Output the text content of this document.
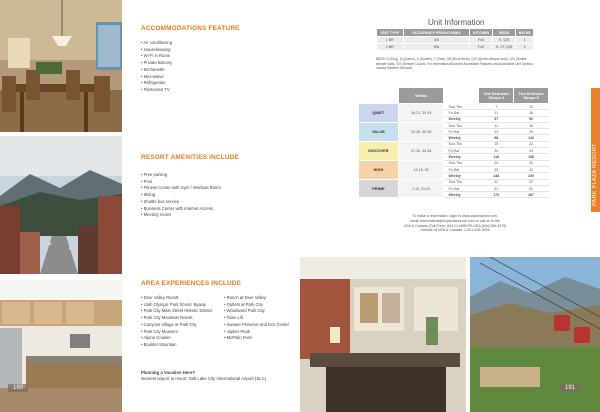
190
ACCOMMODATIONS FEATURE
• Air conditioning
• Housekeeping
• Wi-Fi in Room
• Private balcony
• Kitchenette
• Microwave
• Refrigerator
• Flatscreen TV
RESORT AMENITIES INCLUDE
• Free parking
• Pool
• Fitness Center with Gym / Workout Room
• Skiing
• Shuttle bus service
• Business Center with Internet Access
• Meeting rooms
AREA EXPERIENCES INCLUDE
• Deer Valley Resort
• Utah Olympic Park Scenic Byway
• Park City Main Street Historic District
• Park City Mountain Resort
• Canyons Village at Park City
• Park City Museum
• Alpine Coaster
• Boulder Mountain
• Ranch at Deer Valley
• Outlets at Park City
• Woodward Park City
• Town Lift
• Swaner Preserve and Eco Center
• Jupiter Peak
• McPolin Farm
Planning a Vacation Here?
Nearest airport to resort: Salt Lake City International Airport (SLC)
Unit Information
UNIT TYPE	OCCUPANCY PRIVACY/MAX	KITCHEN	BEDS	BATHS
1 BR	4/4	Full	K, Q/S	1
2 BR	6/6	Full	K, 2T, Q/S	2
BEDS: K (King), Q (Queen), D (Double), T (Twin), SB (Bunk Beds), Q/S (Queen sleeper sofa), D/S (Double sleeper sofa), S/S (Sleeper Couch). For information about the Accessible Features and Accessible Unit Options, contact Member Services.
	Weeks		One Bedroom Sleeps 4	Two Bedroom Sleeps 6
QUIET	16-21, 39-43	Sun-Thu	7	13
		Fri-Sat	11	18
		Weekly	57	96
VALUE	22-26, 35-38	Sun-Thu	11	16
		Fri-Sat	13	29
		Weekly	88	140
DISCOVER	27-34, 44-48	Sun-Thu	15	22
		Fri-Sat	20	34
		Weekly	118	198
HIGH	13-15, 52	Sun-Thu	19	31
		Fri-Sat	25	42
		Weekly	148	239
PRIME	1-12, 51-52	Sun-Thu	22	37
		Fri-Sat	31	51
		Weekly	175	287
To make a reservation, login to www.clubexplora.com,
email reservations@explorareserve.com or call us in the
USA & Canada (Toll-Free): 844-CLUBEXPLORA (844-258-3975)
Outside of USA & Canada: 1-321-205-5205
PARK PLAZA RESORT
191
